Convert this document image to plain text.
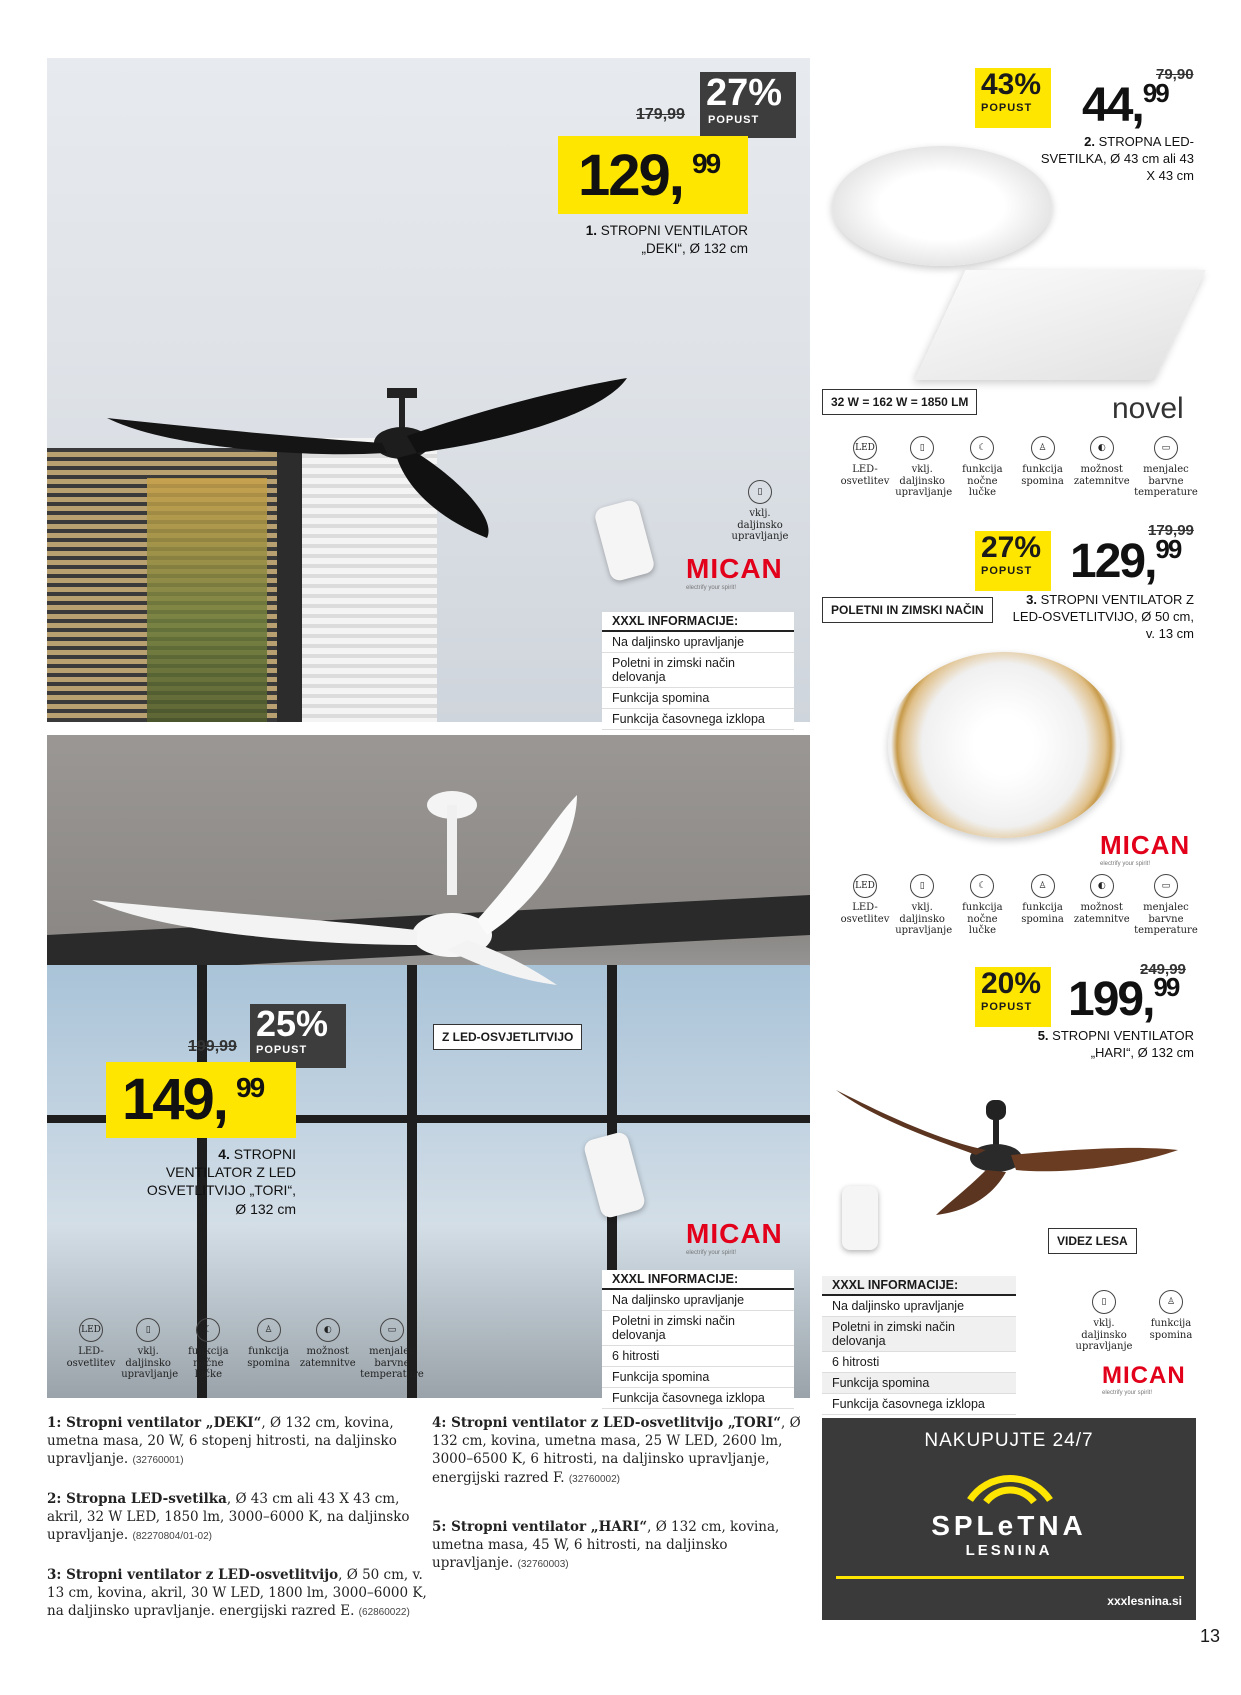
179,99
27%
POPUST
129, 99
1. STROPNI VENTILATOR „DEKI“, Ø 132 cm
▯
vklj. daljinsko upravljanje
MICAN
electrify your spirit!
XXXL INFORMACIJE:
Na daljinsko upravljanje
Poletni in zimski način delovanja
Funkcija spomina
Funkcija časovnega izklopa
43%
POPUST
79,90
44,99
2. STROPNA LED-SVETILKA, Ø 43 cm ali 43 X 43 cm
32 W = 162 W = 1850 LM	novel
LED
LED-osvetlitev
▯
vklj. daljinsko upravljanje
☾
funkcija nočne lučke
♙
funkcija spomina
◐
možnost zatemnitve
▭
menjalec barvne temperature
27%
POPUST
179,99
129,99
POLETNI IN ZIMSKI NAČIN
3. STROPNI VENTILATOR Z LED-OSVETLITVIJO, Ø 50 cm, v. 13 cm
MICAN
electrify your spirit!
LED
LED-osvetlitev
▯
vklj. daljinsko upravljanje
☾
funkcija nočne lučke
♙
funkcija spomina
◐
možnost zatemnitve
▭
menjalec barvne temperature
199,99
25%
POPUST
149, 99
4. STROPNI VENTILATOR Z LED OSVETLITVIJO „TORI“, Ø 132 cm
Z LED-OSVJETLITVIJO
MICAN
electrify your spirit!
XXXL INFORMACIJE:
Na daljinsko upravljanje
Poletni in zimski način delovanja
6 hitrosti
Funkcija spomina
Funkcija časovnega izklopa
LED
LED-osvetlitev
▯
vklj. daljinsko upravljanje
☾
funkcija nočne lučke
♙
funkcija spomina
◐
možnost zatemnitve
▭
menjalec barvne temperature
20%
POPUST
249,99
199,99
5. STROPNI VENTILATOR „HARI“, Ø 132 cm
VIDEZ LESA
XXXL INFORMACIJE:
Na daljinsko upravljanje
Poletni in zimski način delovanja
6 hitrosti
Funkcija spomina
Funkcija časovnega izklopa
▯
vklj. daljinsko upravljanje
♙
funkcija spomina
MICAN
electrify your spirit!
1: Stropni ventilator „DEKI“, Ø 132 cm, kovina, umetna masa, 20 W, 6 stopenj hitrosti, na daljinsko upravljanje. (32760001)
2: Stropna LED-svetilka, Ø 43 cm ali 43 X 43 cm, akril, 32 W LED, 1850 lm, 3000–6000 K, na daljinsko upravljanje. (82270804/01-02)
3: Stropni ventilator z LED-osvetlitvijo, Ø 50 cm, v. 13 cm, kovina, akril, 30 W LED, 1800 lm, 3000–6000 K, na daljinsko upravljanje. energijski razred E. (62860022)
4: Stropni ventilator z LED-osvetlitvijo „TORI“, Ø 132 cm, kovina, umetna masa, 25 W LED, 2600 lm, 3000–6500 K, 6 hitrosti, na daljinsko upravljanje, energijski razred F. (32760002)
5: Stropni ventilator „HARI“, Ø 132 cm, kovina, umetna masa, 45 W, 6 hitrosti, na daljinsko upravljanje. (32760003)
NAKUPUJTE 24/7
SPLeTNA
LESNINA
xxxlesnina.si
13
